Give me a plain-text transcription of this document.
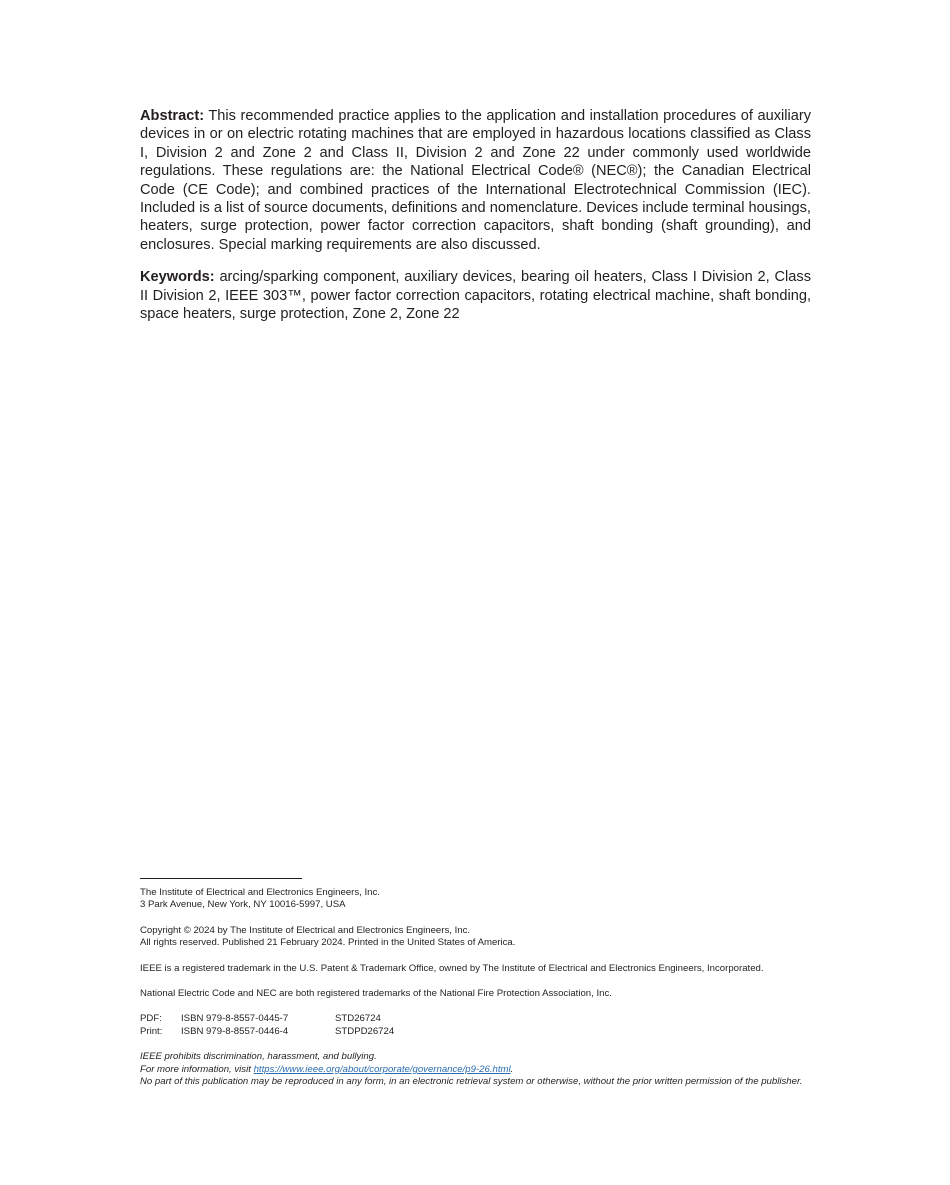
Abstract: This recommended practice applies to the application and installation procedures of auxiliary devices in or on electric rotating machines that are employed in hazardous locations classified as Class I, Division 2 and Zone 2 and Class II, Division 2 and Zone 22 under commonly used worldwide regulations. These regulations are: the National Electrical Code® (NEC®); the Canadian Electrical Code (CE Code); and combined practices of the International Electrotechnical Commission (IEC). Included is a list of source documents, definitions and nomenclature. Devices include terminal housings, heaters, surge protection, power factor correction capacitors, shaft bonding (shaft grounding), and enclosures. Special marking requirements are also discussed.

Keywords: arcing/sparking component, auxiliary devices, bearing oil heaters, Class I Division 2, Class II Division 2, IEEE 303™, power factor correction capacitors, rotating electrical machine, shaft bonding, space heaters, surge protection, Zone 2, Zone 22

The Institute of Electrical and Electronics Engineers, Inc.

3 Park Avenue, New York, NY 10016-5997, USA

Copyright © 2024 by The Institute of Electrical and Electronics Engineers, Inc.

All rights reserved. Published 21 February 2024. Printed in the United States of America.

IEEE is a registered trademark in the U.S. Patent & Trademark Office, owned by The Institute of Electrical and Electronics Engineers, Incorporated.

National Electric Code and NEC are both registered trademarks of the National Fire Protection Association, Inc.

PDF:	ISBN 979-8-8557-0445-7	STD26724
Print:	ISBN 979-8-8557-0446-4	STDPD26724

IEEE prohibits discrimination, harassment, and bullying.

For more information, visit https://www.ieee.org/about/corporate/governance/p9-26.html.

No part of this publication may be reproduced in any form, in an electronic retrieval system or otherwise, without the prior written permission of the publisher.
